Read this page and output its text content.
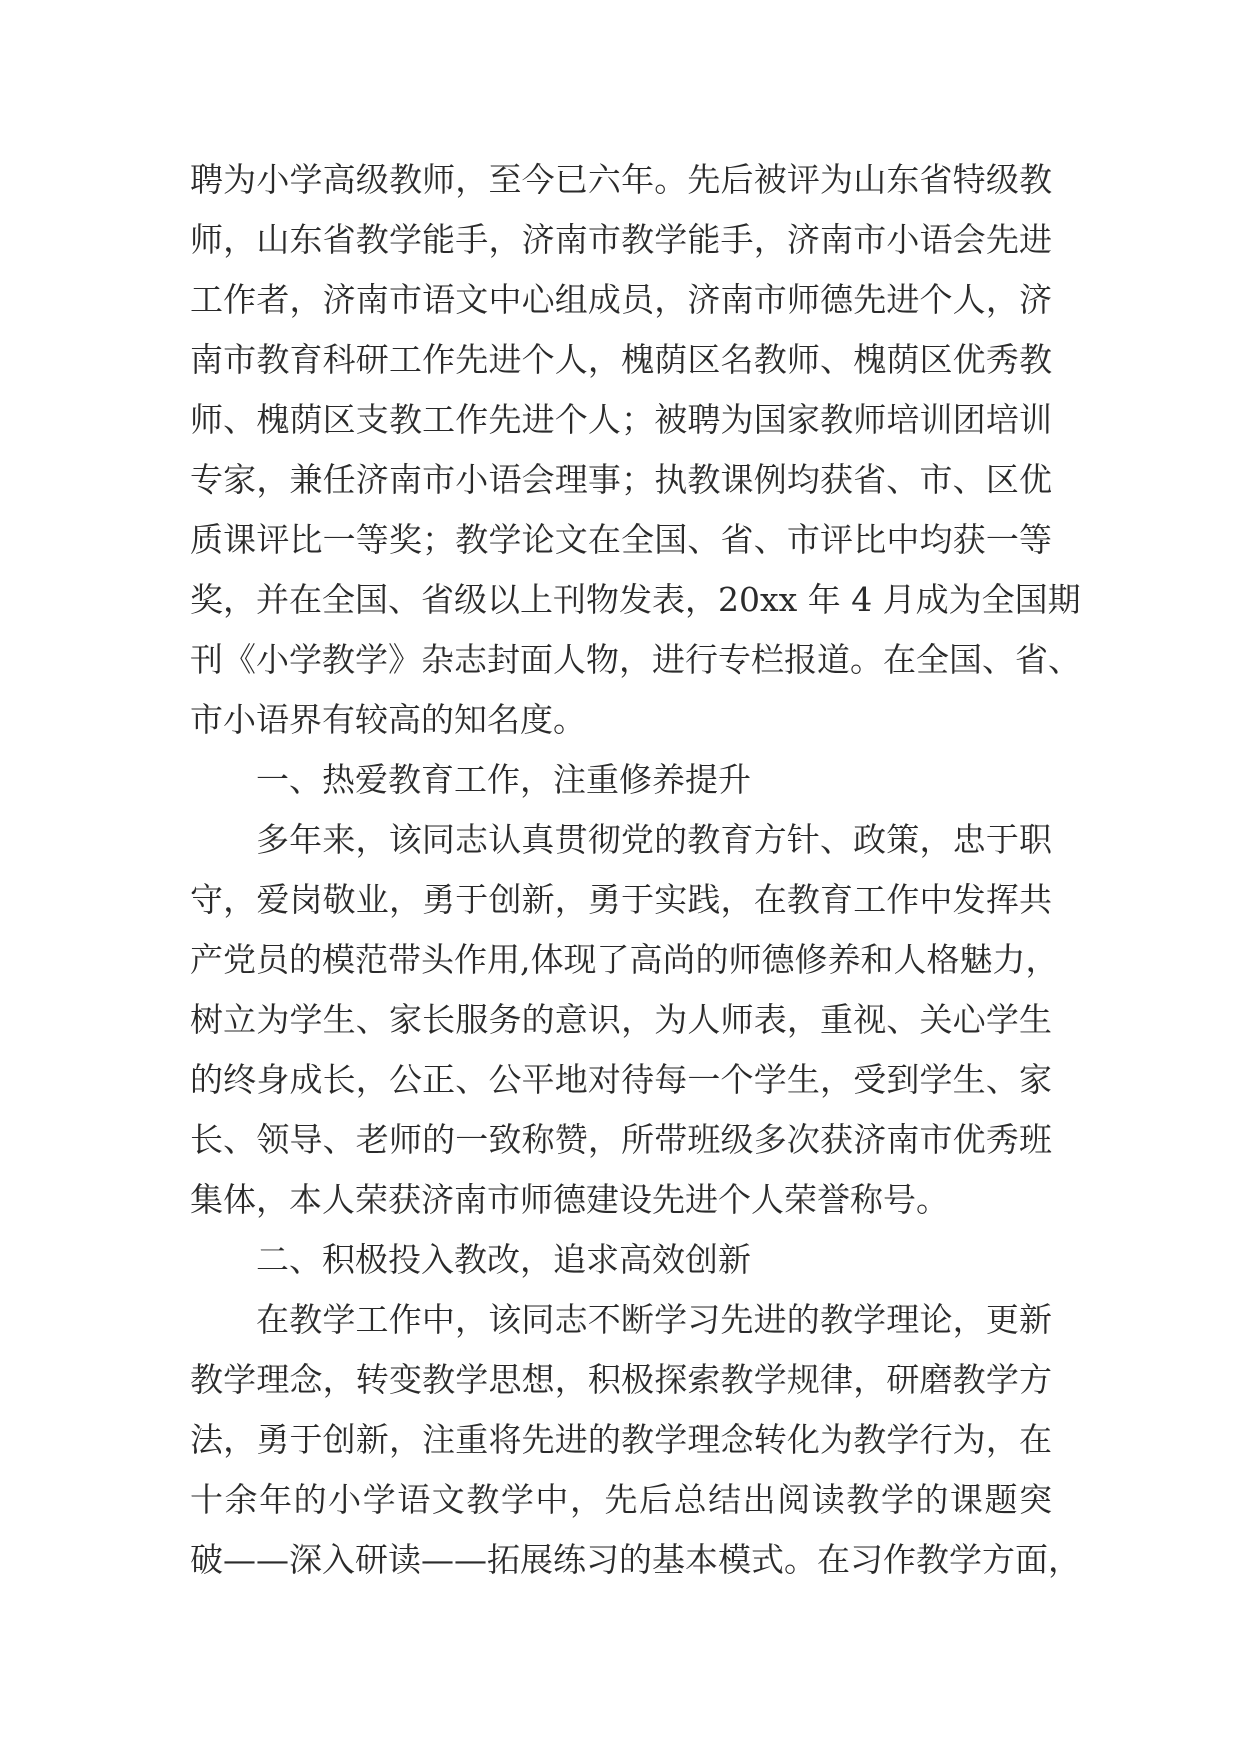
聘为小学高级教师，至今已六年。先后被评为山东省特级教
师，山东省教学能手，济南市教学能手，济南市小语会先进
工作者，济南市语文中心组成员，济南市师德先进个人，济
南市教育科研工作先进个人，槐荫区名教师、槐荫区优秀教
师、槐荫区支教工作先进个人；被聘为国家教师培训团培训
专家，兼任济南市小语会理事；执教课例均获省、市、区优
质课评比一等奖；教学论文在全国、省、市评比中均获一等
奖，并在全国、省级以上刊物发表，20xx 年 4 月成为全国期
刊《小学教学》杂志封面人物，进行专栏报道。在全国、省、
市小语界有较高的知名度。
一、热爱教育工作，注重修养提升
多年来，该同志认真贯彻党的教育方针、政策，忠于职
守，爱岗敬业，勇于创新，勇于实践，在教育工作中发挥共
产党员的模范带头作用,体现了高尚的师德修养和人格魅力，
树立为学生、家长服务的意识，为人师表，重视、关心学生
的终身成长，公正、公平地对待每一个学生，受到学生、家
长、领导、老师的一致称赞，所带班级多次获济南市优秀班
集体，本人荣获济南市师德建设先进个人荣誉称号。
二、积极投入教改，追求高效创新
在教学工作中，该同志不断学习先进的教学理论，更新
教学理念，转变教学思想，积极探索教学规律，研磨教学方
法，勇于创新，注重将先进的教学理念转化为教学行为，在
十余年的小学语文教学中，先后总结出阅读教学的课题突
破——深入研读——拓展练习的基本模式。在习作教学方面，
